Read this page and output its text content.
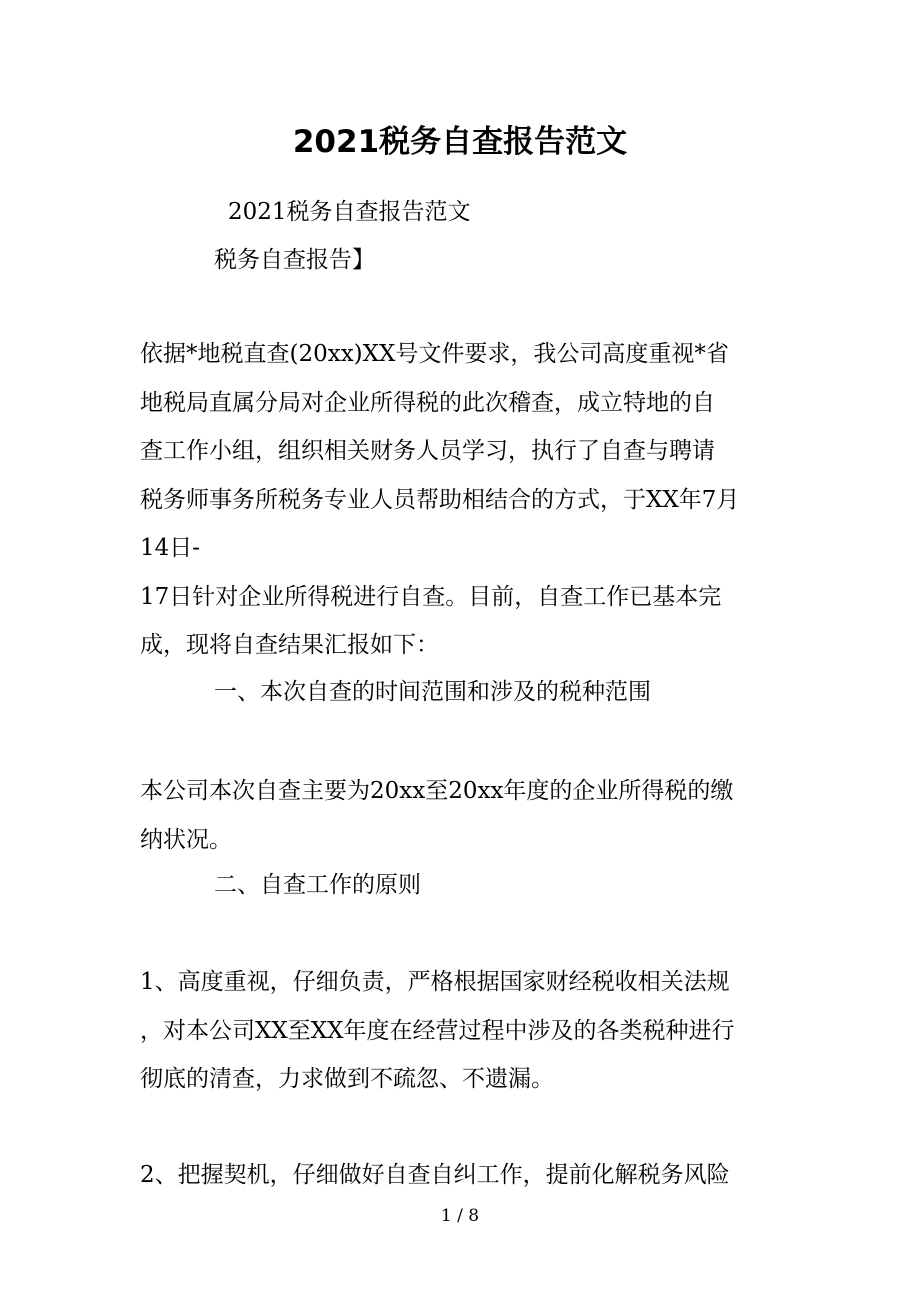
2021税务自查报告范文

2021税务自查报告范文

税务自查报告】

依据*地税直查(20xx)XX号文件要求，我公司高度重视*省
地税局直属分局对企业所得税的此次稽查，成立特地的自
查工作小组，组织相关财务人员学习，执行了自查与聘请
税务师事务所税务专业人员帮助相结合的方式，于XX年7月
14日-
17日针对企业所得税进行自查。目前，自查工作已基本完
成，现将自查结果汇报如下：

一、本次自查的时间范围和涉及的税种范围

本公司本次自查主要为20xx至20xx年度的企业所得税的缴
纳状况。

二、自查工作的原则

1、高度重视，仔细负责，严格根据国家财经税收相关法规
，对本公司XX至XX年度在经营过程中涉及的各类税种进行
彻底的清查，力求做到不疏忽、不遗漏。
2、把握契机，仔细做好自查自纠工作，提前化解税务风险

1 / 8
